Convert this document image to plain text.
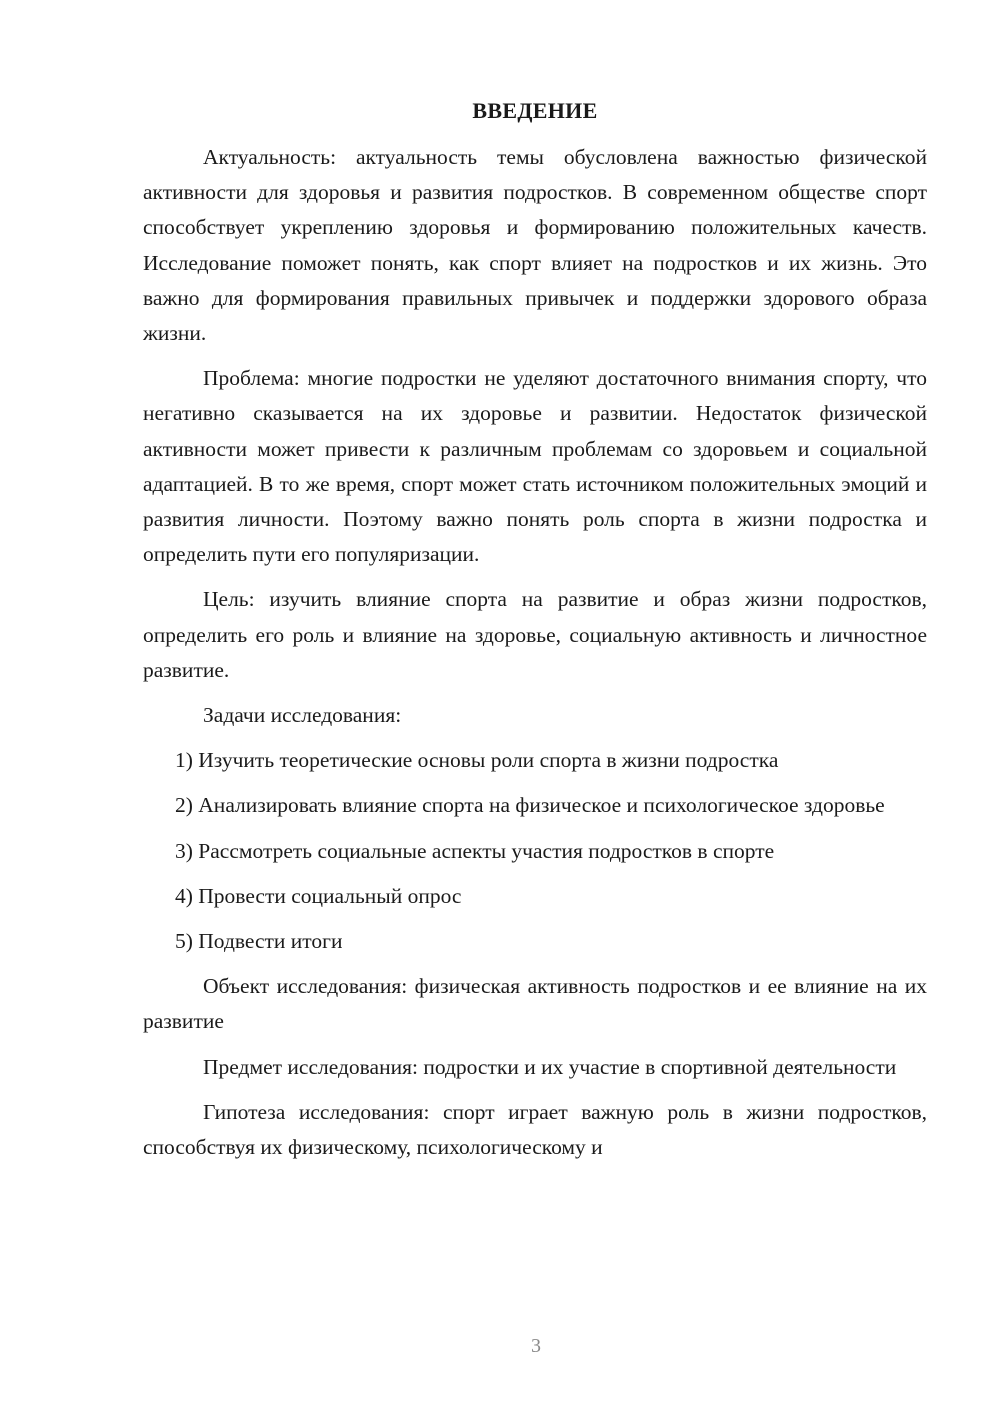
ВВЕДЕНИЕ

Актуальность: актуальность темы обусловлена важностью физической активности для здоровья и развития подростков. В современном обществе спорт способствует укреплению здоровья и формированию положительных качеств. Исследование поможет понять, как спорт влияет на подростков и их жизнь. Это важно для формирования правильных привычек и поддержки здорового образа жизни.

Проблема: многие подростки не уделяют достаточного внимания спорту, что негативно сказывается на их здоровье и развитии. Недостаток физической активности может привести к различным проблемам со здоровьем и социальной адаптацией. В то же время, спорт может стать источником положительных эмоций и развития личности. Поэтому важно понять роль спорта в жизни подростка и определить пути его популяризации.

Цель: изучить влияние спорта на развитие и образ жизни подростков, определить его роль и влияние на здоровье, социальную активность и личностное развитие.

Задачи исследования:

1) Изучить теоретические основы роли спорта в жизни подростка

2) Анализировать влияние спорта на физическое и психологическое здоровье

3) Рассмотреть социальные аспекты участия подростков в спорте

4) Провести социальный опрос

5) Подвести итоги

Объект исследования: физическая активность подростков и ее влияние на их развитие

Предмет исследования: подростки и их участие в спортивной деятельности

Гипотеза исследования: спорт играет важную роль в жизни подростков, способствуя их физическому, психологическому и

3
